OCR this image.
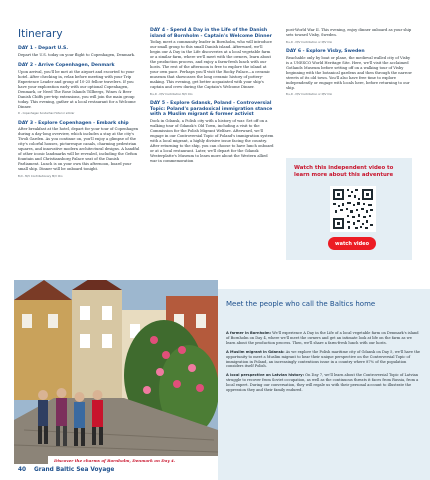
Itinerary
DAY 1 - Depart U.S.

Depart the U.S. today on your flight to Copenhagen, Denmark.

DAY 2 - Arrive Copenhagen, Denmark

Upon arrival, you'll be met at the airport and escorted to your hotel. After checking in, relax before meeting with your Trip Experience Leader and group of 10-25 fellow travelers. If you have your exploration early with our optional Copenhagen, Denmark, or Need The Rose Islands Tillbergs, Wines & Beer Danish Chiffs pre-trip extensions, you will join the main group today. This evening, gather at a local restaurant for a Welcome Dinner.

D - Copenhagen Sonderhav Hotel or similar

DAY 3 - Explore Copenhagen - Embark ship

After breakfast at the hotel, depart for your tour of Copenhagen during a day-long overview, which includes a stay at the city's Tivoli Garden. As you continue on, you'll enjoy a glimpse of the city's colorful houses, picturesque canals, charming pedestrian squares, and innovative modern architectural designs. A handful of other iconic landmarks will be revealed, including the Gefion fountain and Christiansborg Palace seat of the Danish Parliament. Lunch is on your own this afternoon, board your small ship. Dinner will be onboard tonight.

B,D - M/V Contributionary M/V Clio

DAY 4 - Spend A Day in the Life of the Danish island of Bornholm - Captain's Welcome Dinner

Today, meet a community leader in Bornholm, who will introduce our small group to this small Danish island. Afterward, we'll begin our A Day in the Life discoveries at a local vegetable farm or a similar farm, where we'll meet with the owners, learn about the production process, and enjoy a farm-fresh lunch with our hosts. The rest of the afternoon is free to explore the island at your own pace. Perhaps you'll visit the Rocky Palace—a ceramic museum that showcases the long ceramic history of pottery-making. This evening, get better acquainted with your ship's captain and crew during the Captain's Welcome Dinner.

B,L,D - M/V Contribution M/V Clio

DAY 5 - Explore Gdansk, Poland - Controversial Topic: Poland's paradoxical immigration stance with a Muslim migrant & former activist

Dock in Gdansk, a Polish city with a history of war. Set off on a walking tour of Gdansk's Old Town, including a visit to the Commission for the Polish Migrant Welfare. Afterward, we'll engage in our Controversial Topic of Poland's immigration system with a local migrant, a highly divisive issue facing the country. After returning to the ship, you can choose to have lunch onboard or at a local restaurant. Later, we'll depart for the Gdansk Westerplatte's Museum to learn more about the Western allied war in commemoration

post-World War II. This evening, enjoy dinner onboard as your ship sets toward Visby, Sweden.

B,L,D - M/V Contribution or M/V Clio

DAY 6 - Explore Visby, Sweden

Reachable only by boat or plane, the medieval walled city of Visby is a UNESCO World Heritage Site. Here, we'll visit the acclaimed Gotlands Museum before setting off on a walking tour of Visby beginning with the botanical gardens and then through the narrow streets of its old town. You'll also have free time to explore independently or engage with locals here, before returning to our ship.

B,L,D - M/V Contribution or M/V Clio

Watch this independent video to learn more about this adventure

watch video
Discover the charms of Bornholm, Denmark on Day 4.
Meet the people who call the Baltics home

A farmer in Bornholm: We'll experience A Day in the Life of a local vegetable farm on Denmark's island of Bornholm on Day 4, where we'll meet the owners and get an intimate look at life on the farm as we learn about the production process. Then, we'll share a farm-fresh lunch with our hosts.

A Muslim migrant in Gdansk: As we explore the Polish maritime city of Gdansk on Day 5, we'll have the opportunity to meet a Muslim migrant to hear their unique perspective on the Controversial Topic of immigration in Poland, an increasingly contentious issue in a country where 87% of the population considers itself Polish.

A local perspective on Latvian history: On Day 7, we'll learn about the Controversial Topic of Latvian struggle to recover from Soviet occupation, as well as the continuous threats it faces from Russia, from a local expert. During our conversation, they will regale us with their personal account to illustrate the oppression they and their family endured.

40 Grand Baltic Sea Voyage
